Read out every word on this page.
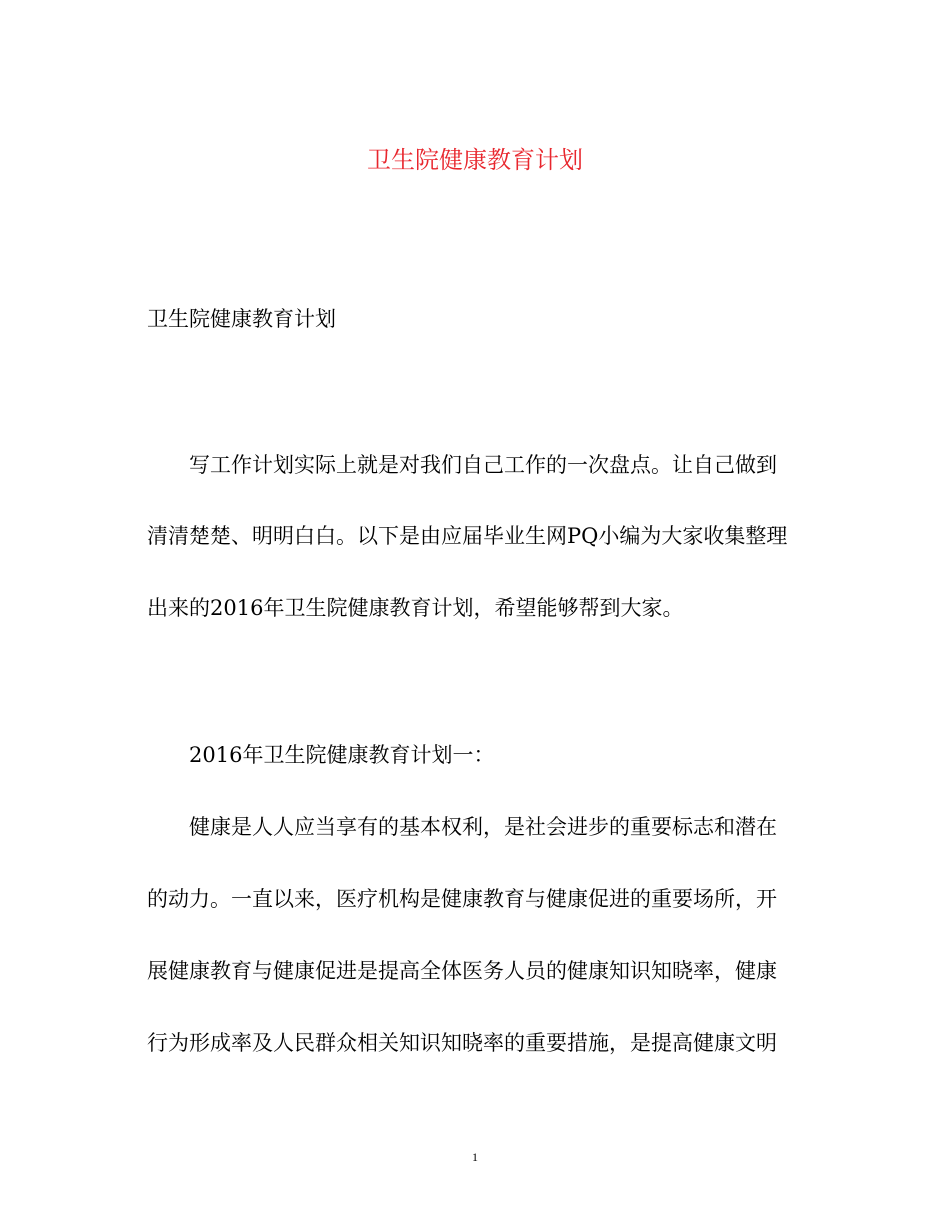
卫生院健康教育计划
卫生院健康教育计划
写工作计划实际上就是对我们自己工作的一次盘点。让自己做到
清清楚楚、明明白白。以下是由应届毕业生网PQ小编为大家收集整理
出来的2016年卫生院健康教育计划，希望能够帮到大家。
2016年卫生院健康教育计划一：
健康是人人应当享有的基本权利，是社会进步的重要标志和潜在
的动力。一直以来，医疗机构是健康教育与健康促进的重要场所，开
展健康教育与健康促进是提高全体医务人员的健康知识知晓率，健康
行为形成率及人民群众相关知识知晓率的重要措施，是提高健康文明
1
